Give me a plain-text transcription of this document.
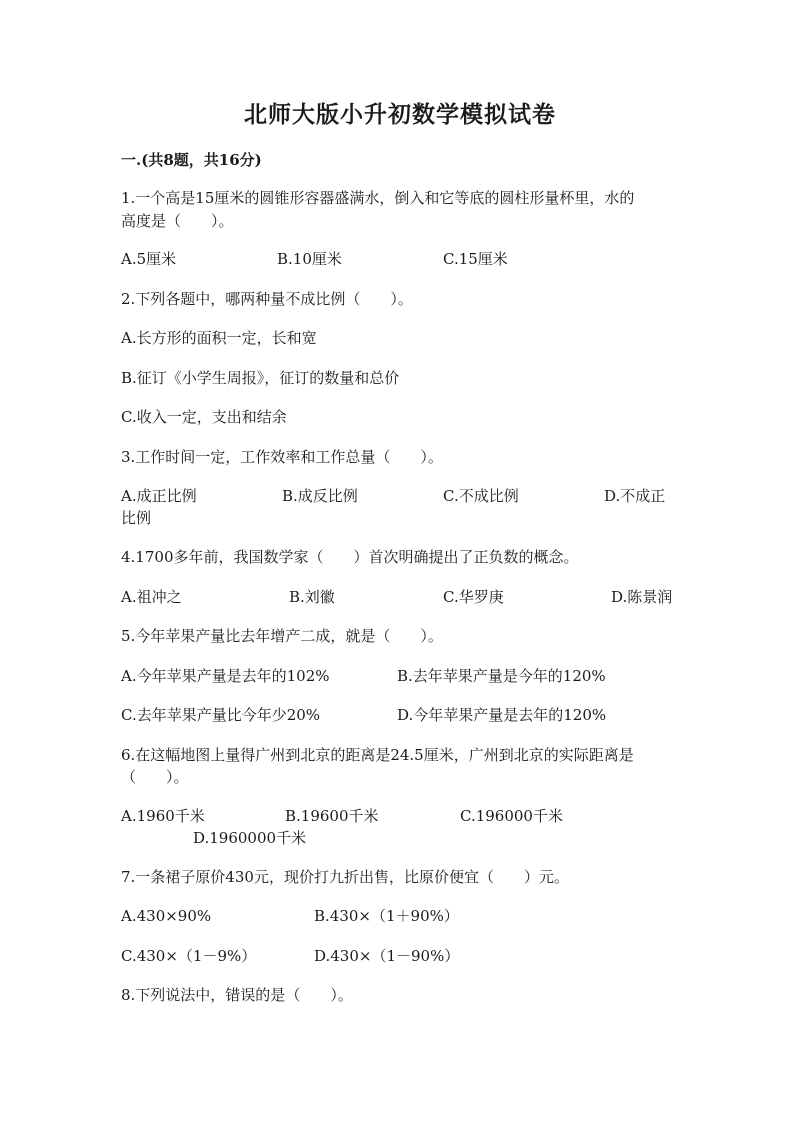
北师大版小升初数学模拟试卷
一.(共8题，共16分)
1.一个高是15厘米的圆锥形容器盛满水，倒入和它等底的圆柱形量杯里，水的
高度是（　　）。
A.5厘米	B.10厘米	C.15厘米
2.下列各题中，哪两种量不成比例（　　）。
A.长方形的面积一定，长和宽
B.征订《小学生周报》，征订的数量和总价
C.收入一定，支出和结余
3.工作时间一定，工作效率和工作总量（　　）。
A.成正比例	B.成反比例	C.不成比例	D.不成正
比例
4.1700多年前，我国数学家（　　）首次明确提出了正负数的概念。
A.祖冲之	B.刘徽	C.华罗庚	D.陈景润
5.今年苹果产量比去年增产二成，就是（　　）。
A.今年苹果产量是去年的102%	B.去年苹果产量是今年的120%
C.去年苹果产量比今年少20%	D.今年苹果产量是去年的120%
6.在这幅地图上量得广州到北京的距离是24.5厘米，广州到北京的实际距离是
（　　）。
A.1960千米	B.19600千米	C.196000千米
D.1960000千米
7.一条裙子原价430元，现价打九折出售，比原价便宜（　　）元。
A.430×90%	B.430×（1＋90%）
C.430×（1－9%）	D.430×（1－90%）
8.下列说法中，错误的是（　　）。
